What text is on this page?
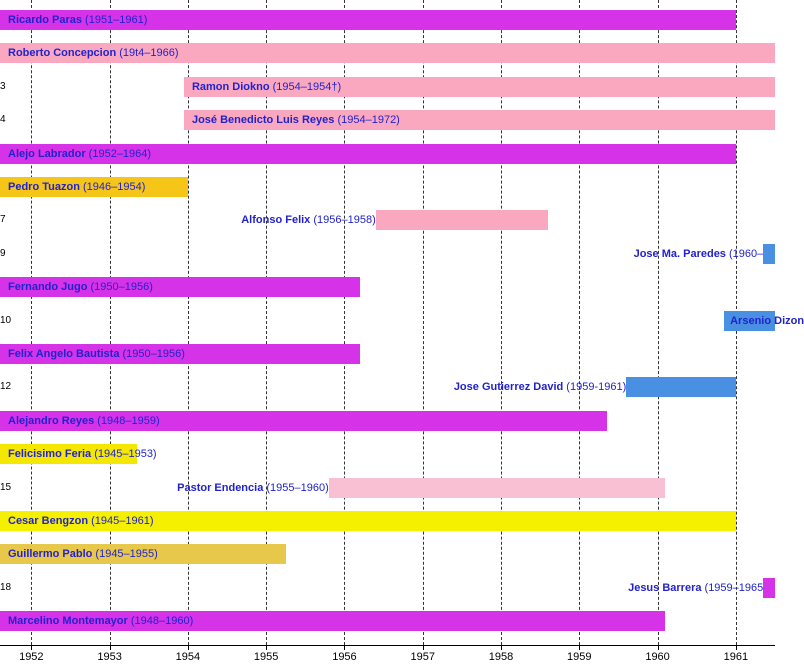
Ricardo Paras (1951–1961)
Roberto Concepcion (19t4–1966)
3	Ramon Diokno (1954–1954†)
4	José Benedicto Luis Reyes (1954–1972)
Alejo Labrador (1952–1964)
Pedro Tuazon (1946–1954)
7	Alfonso Felix (1956–1958)
9	Jose Ma. Paredes (1960–
Fernando Jugo (1950–1956)
10	Arsenio Dizon
Felix Angelo Bautista (1950–1956)
12	Jose Gutierrez David (1959-1961)
Alejandro Reyes (1948–1959)
Felicisimo Feria (1945–1953)
15	Pastor Endencia (1955–1960)
Cesar Bengzon (1945–1961)
Guillermo Pablo (1945–1955)
18	Jesus Barrera (1959–1965
Marcelino Montemayor (1948–1960)
1952	1953	1954	1955	1956	1957	1958	1959	1960	1961
